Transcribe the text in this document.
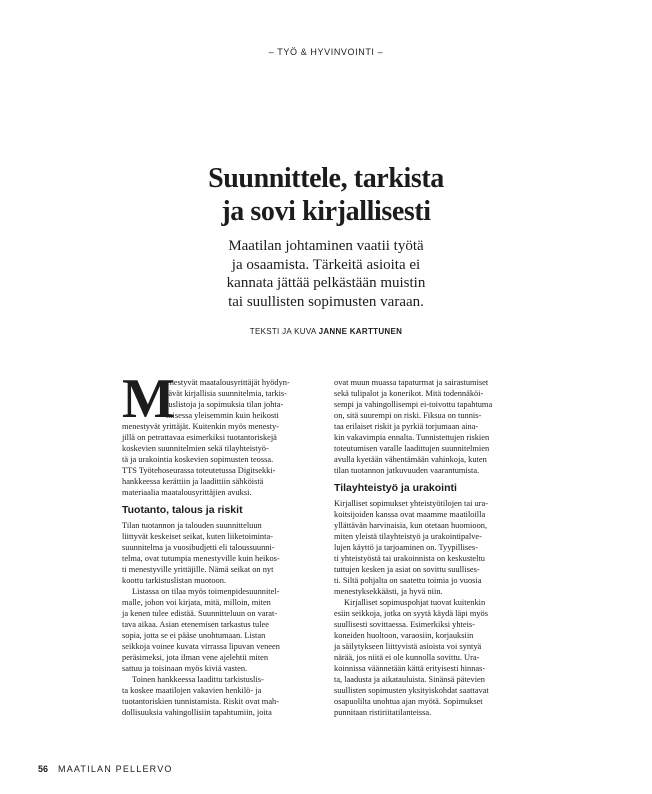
– TYÖ & HYVINVOINTI –
Suunnittele, tarkista
ja sovi kirjallisesti
Maatilan johtaminen vaatii työtä
ja osaamista. Tärkeitä asioita ei
kannata jättää pelkästään muistin
tai suullisten sopimusten varaan.
TEKSTI JA KUVA JANNE KARTTUNEN
M
enestyvät maatalousyrittäjät hyödyn-
tävät kirjallisia suunnitelmia, tarkis-
tuslistoja ja sopimuksia tilan johta-
misessa yleisemmin kuin heikosti
menestyvät yrittäjät. Kuitenkin myös menesty-
jillä on petrattavaa esimerkiksi tuotantoriskejä
koskevien suunnitelmien sekä tilayhteistyö-
tä ja urakointia koskevien sopimusten teossa.
TTS Työtehoseurassa toteutetussa Digitsekki-
hankkeessa kerättiin ja laadittiin sähköistä
materiaalia maatalousyrittäjien avuksi.
Tuotanto, talous ja riskit
Tilan tuotannon ja talouden suunnitteluun
liittyvät keskeiset seikat, kuten liiketoiminta-
suunnitelma ja vuosibudjetti eli taloussuunni-
telma, ovat tutumpia menestyville kuin heikos-
ti menestyville yrittäjille. Nämä seikat on nyt
koottu tarkistuslistan muotoon.
Listassa on tilaa myös toimenpidesuunnitel-
malle, johon voi kirjata, mitä, milloin, miten
ja kenen tulee edistää. Suunnitteluun on varat-
tava aikaa. Asian etenemisen tarkastus tulee
sopia, jotta se ei pääse unohtumaan. Listan
seikkoja voinee kuvata virrassa lipuvan veneen
peräsimeksi, jota ilman vene ajelehtii miten
sattuu ja toisinaan myös kiviä vasten.
Toinen hankkeessa laadittu tarkistuslis-
ta koskee maatilojen vakavien henkilö- ja
tuotantoriskien tunnistamista. Riskit ovat mah-
dollisuuksia vahingollisiin tapahtumiin, joita
ovat muun muassa tapaturmat ja sairastumiset
sekä tulipalot ja konerikot. Mitä todennäköi-
sempi ja vahingollisempi ei-toivottu tapahtuma
on, sitä suurempi on riski. Fiksua on tunnis-
taa erilaiset riskit ja pyrkiä torjumaan aina-
kin vakavimpia ennalta. Tunnistettujen riskien
toteutumisen varalle laadittujen suunnitelmien
avulla kyetään vähentämään vahinkoja, kuten
tilan tuotannon jatkuvuuden vaarantumista.
Tilayhteistyö ja urakointi
Kirjalliset sopimukset yhteistyötilojen tai ura-
koitsijoiden kanssa ovat maamme maatiloilla
yllättävän harvinaisia, kun otetaan huomioon,
miten yleistä tilayhteistyö ja urakointipalve-
lujen käyttö ja tarjoaminen on. Tyypillises-
ti yhteistyöstä tai urakoinnista on keskusteltu
tuttujen kesken ja asiat on sovittu suullises-
ti. Siltä pohjalta on saatettu toimia jo vuosia
menestyksekkäästi, ja hyvä niin.
Kirjalliset sopimuspohjat tuovat kuitenkin
esiin seikkoja, jotka on syytä käydä läpi myös
suullisesti sovittaessa. Esimerkiksi yhteis-
koneiden huoltoon, varaosiin, korjauksiin
ja säilytykseen liittyvistä asioista voi syntyä
närää, jos niitä ei ole kunnolla sovittu. Ura-
koinnissa väännetään kättä erityisesti hinnas-
ta, laadusta ja aikatauluista. Sinänsä pätevien
suullisten sopimusten yksityiskohdat saattavat
osapuolilta unohtua ajan myötä. Sopimukset
punnitaan ristiriitatilanteissa.
56 MAATILAN PELLERVO
